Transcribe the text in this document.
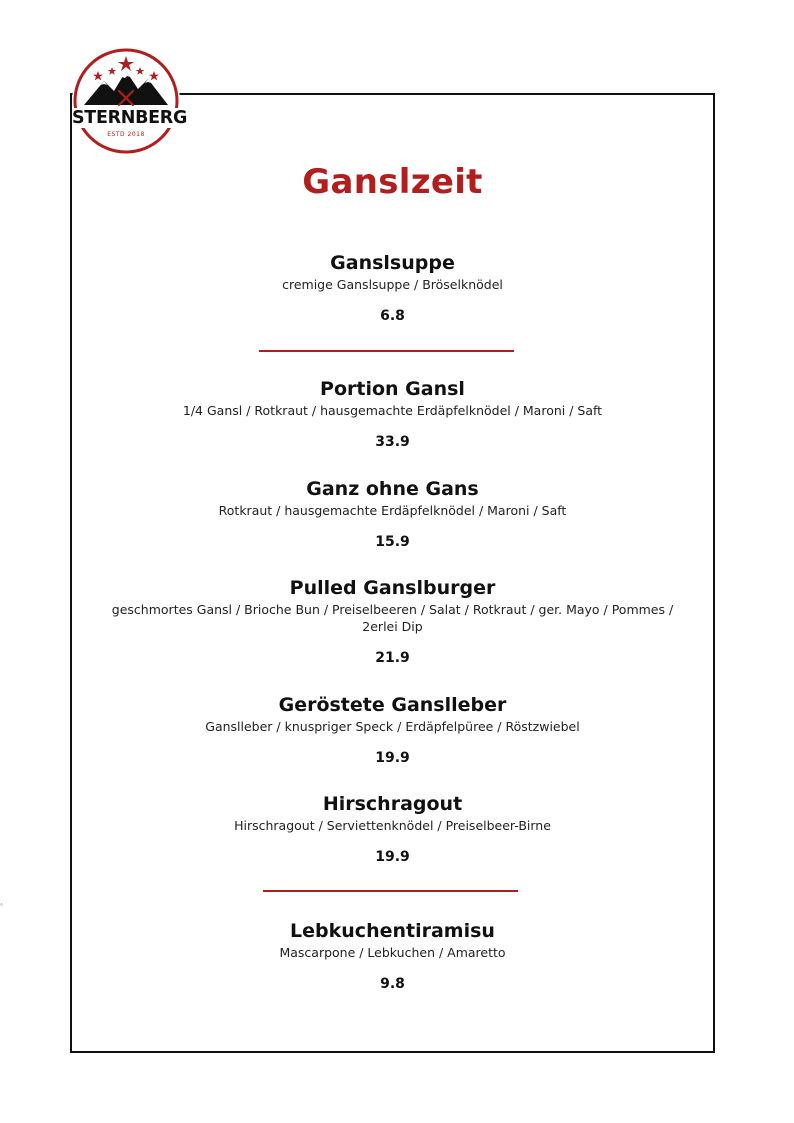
STERNBERG
ESTD 2018
Ganslzeit
Ganslsuppe
cremige Ganslsuppe / Bröselknödel
6.8
Portion Gansl
1/4 Gansl / Rotkraut / hausgemachte Erdäpfelknödel / Maroni / Saft
33.9
Ganz ohne Gans
Rotkraut / hausgemachte Erdäpfelknödel / Maroni / Saft
15.9
Pulled Ganslburger
geschmortes Gansl / Brioche Bun / Preiselbeeren / Salat / Rotkraut / ger. Mayo / Pommes / 2erlei Dip
21.9
Geröstete Ganslleber
Ganslleber / knuspriger Speck / Erdäpfelpüree / Röstzwiebel
19.9
Hirschragout
Hirschragout / Serviettenknödel / Preiselbeer-Birne
19.9
Lebkuchentiramisu
Mascarpone / Lebkuchen / Amaretto
9.8
°
